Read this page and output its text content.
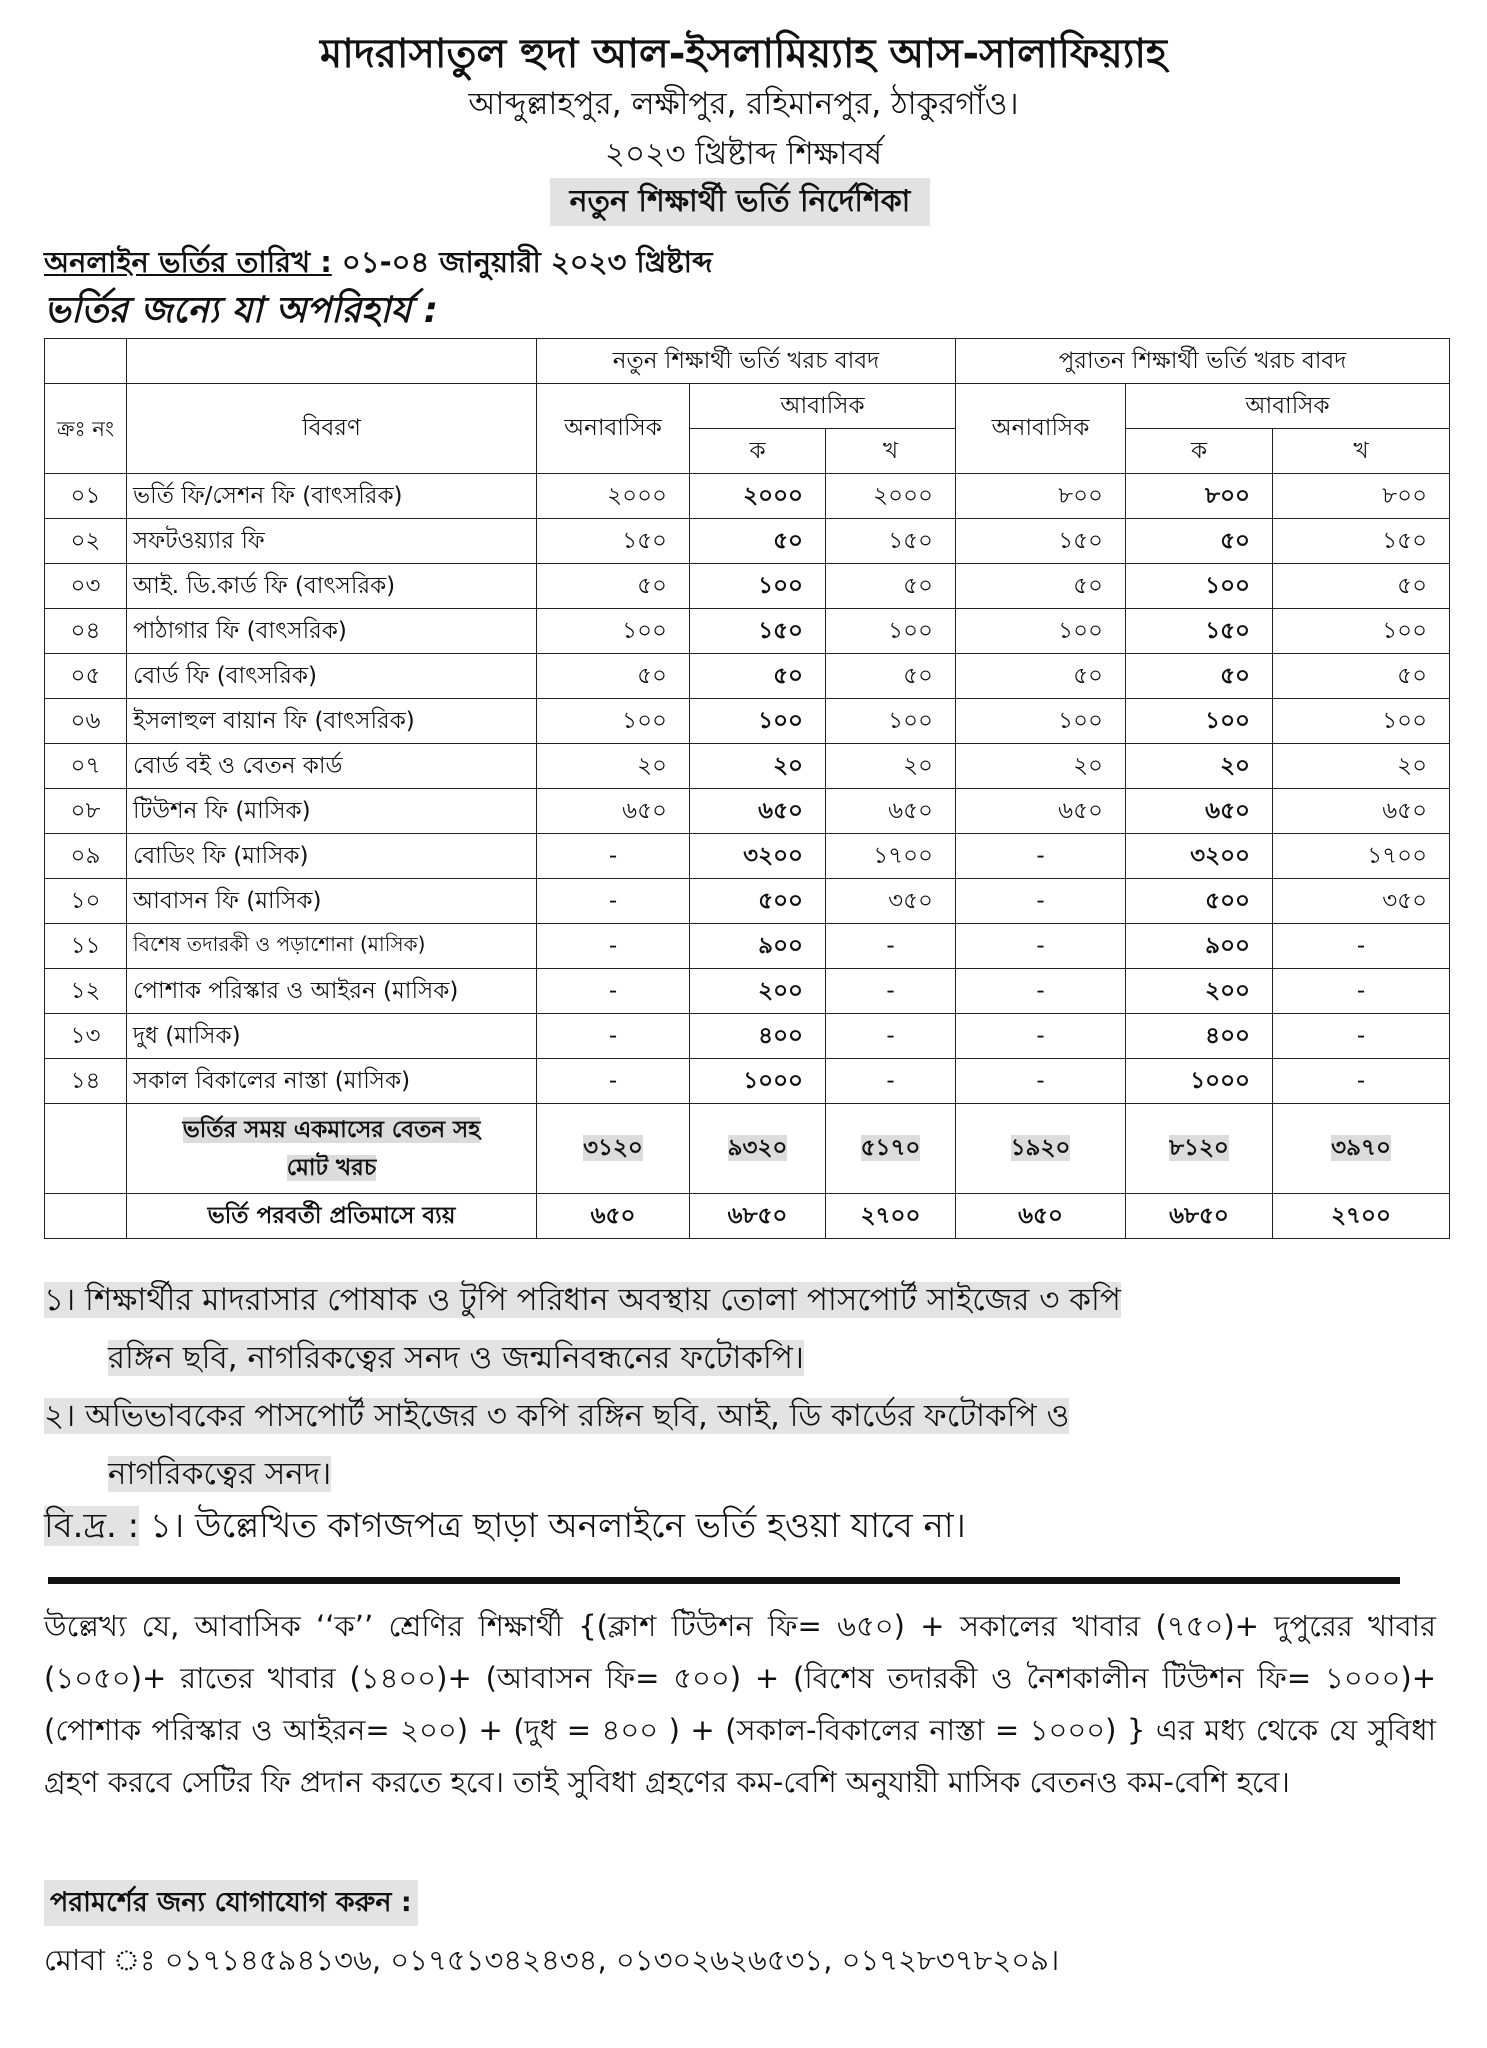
মাদরাসাতুল হুদা আল-ইসলামিয়্যাহ আস-সালাফিয়্যাহ
আব্দুল্লাহপুর, লক্ষীপুর, রহিমানপুর, ঠাকুরগাঁও।
২০২৩ খ্রিষ্টাব্দ শিক্ষাবর্ষ
নতুন শিক্ষার্থী ভর্তি নির্দেশিকা
অনলাইন ভর্তির তারিখ : ০১-০৪ জানুয়ারী ২০২৩ খ্রিষ্টাব্দ
ভর্তির জন্যে যা অপরিহার্য :
		নতুন শিক্ষার্থী ভর্তি খরচ বাবদ			পুরাতন শিক্ষার্থী ভর্তি খরচ বাবদ		
ক্রঃ নং	বিবরণ	অনাবাসিক	আবাসিক		অনাবাসিক	আবাসিক	
			ক	খ		ক	খ
০১	ভর্তি ফি/সেশন ফি (বাৎসরিক)	২০০০	২০০০	২০০০	৮০০	৮০০	৮০০
০২	সফটওয়্যার ফি	১৫০	৫০	১৫০	১৫০	৫০	১৫০
০৩	আই. ডি.কার্ড ফি (বাৎসরিক)	৫০	১০০	৫০	৫০	১০০	৫০
০৪	পাঠাগার ফি (বাৎসরিক)	১০০	১৫০	১০০	১০০	১৫০	১০০
০৫	বোর্ড ফি (বাৎসরিক)	৫০	৫০	৫০	৫০	৫০	৫০
০৬	ইসলাহুল বায়ান ফি (বাৎসরিক)	১০০	১০০	১০০	১০০	১০০	১০০
০৭	বোর্ড বই ও বেতন কার্ড	২০	২০	২০	২০	২০	২০
০৮	টিউশন ফি (মাসিক)	৬৫০	৬৫০	৬৫০	৬৫০	৬৫০	৬৫০
০৯	বোডিং ফি (মাসিক)	-	৩২০০	১৭০০	-	৩২০০	১৭০০
১০	আবাসন ফি (মাসিক)	-	৫০০	৩৫০	-	৫০০	৩৫০
১১	বিশেষ তদারকী ও পড়াশোনা (মাসিক)	-	৯০০	-	-	৯০০	-
১২	পোশাক পরিস্কার ও আইরন (মাসিক)	-	২০০	-	-	২০০	-
১৩	দুধ (মাসিক)	-	৪০০	-	-	৪০০	-
১৪	সকাল বিকালের নাস্তা (মাসিক)	-	১০০০	-	-	১০০০	-
	ভর্তির সময় একমাসের বেতন সহ
মোট খরচ	৩১২০	৯৩২০	৫১৭০	১৯২০	৮১২০	৩৯৭০
	ভর্তি পরবর্তী প্রতিমাসে ব্যয়	৬৫০	৬৮৫০	২৭০০	৬৫০	৬৮৫০	২৭০০
১। শিক্ষার্থীর মাদরাসার পোষাক ও টুপি পরিধান অবস্থায় তোলা পাসপোর্ট সাইজের ৩ কপি
রঙ্গিন ছবি, নাগরিকত্বের সনদ ও জন্মনিবন্ধনের ফটোকপি।
২। অভিভাবকের পাসপোর্ট সাইজের ৩ কপি রঙ্গিন ছবি, আই, ডি কার্ডের ফটোকপি ও
নাগরিকত্বের সনদ।
বি.দ্র. : ১। উল্লেখিত কাগজপত্র ছাড়া অনলাইনে ভর্তি হওয়া যাবে না।
উল্লেখ্য যে, আবাসিক ‘‘ক’’ শ্রেণির শিক্ষার্থী {(ক্লাশ টিউশন ফি= ৬৫০) + সকালের খাবার (৭৫০)+ দুপুরের খাবার (১০৫০)+ রাতের খাবার (১৪০০)+ (আবাসন ফি= ৫০০) + (বিশেষ তদারকী ও নৈশকালীন টিউশন ফি= ১০০০)+ (পোশাক পরিস্কার ও আইরন= ২০০) + (দুধ = ৪০০ ) + (সকাল-বিকালের নাস্তা = ১০০০) } এর মধ্য থেকে যে সুবিধা গ্রহণ করবে সেটির ফি প্রদান করতে হবে। তাই সুবিধা গ্রহণের কম-বেশি অনুযায়ী মাসিক বেতনও কম-বেশি হবে।
পরামর্শের জন্য যোগাযোগ করুন :
মোবা ঃ ০১৭১৪৫৯৪১৩৬, ০১৭৫১৩৪২৪৩৪, ০১৩০২৬২৬৫৩১, ০১৭২৮৩৭৮২০৯।
